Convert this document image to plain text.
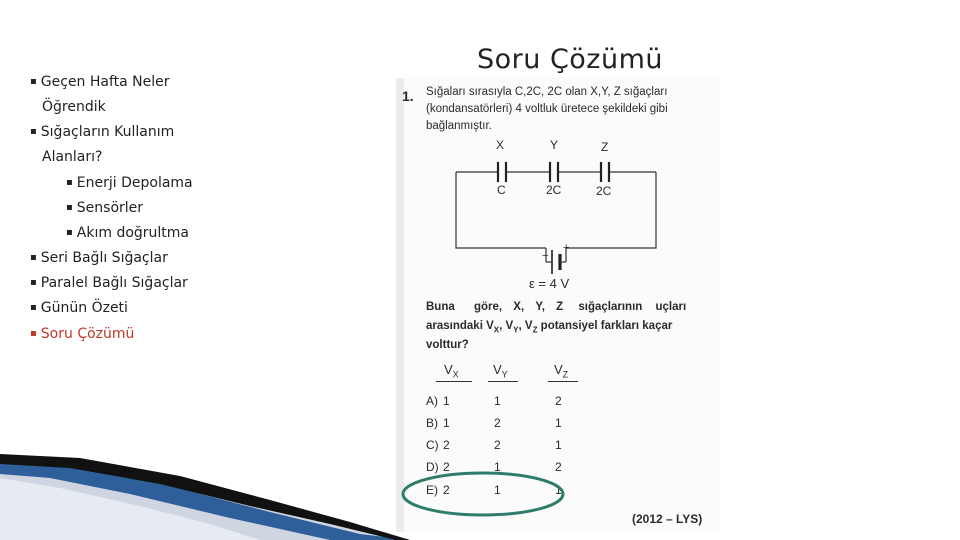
Soru Çözümü
▪ Geçen Hafta Neler
Öğrendik
▪ Sığaçların Kullanım
Alanları?
▪ Enerji Depolama
▪ Sensörler
▪ Akım doğrultma
▪ Seri Bağlı Sığaçlar
▪ Paralel Bağlı Sığaçlar
▪ Günün Özeti
▪ Soru Çözümü
1. Sığaları sırasıyla C,2C, 2C olan X,Y, Z sığaçları
(kondansatörleri) 4 voltluk üretece şekildeki gibi
bağlanmıştır.
X	Y	Z
C	2C	2C
+
−
ε = 4 V
Buna göre, X, Y, Z sığaçlarının uçları
arasındaki $V_X$, $V_Y$, $V_Z$ potansiyel farkları kaçar
volttur?
$V_X$	$V_Y$	$V_Z$
A) 1	1	2
B) 1	2	1
C) 2	2	1
D) 2	1	2
E) 2	1	1
(2012 – LYS)
